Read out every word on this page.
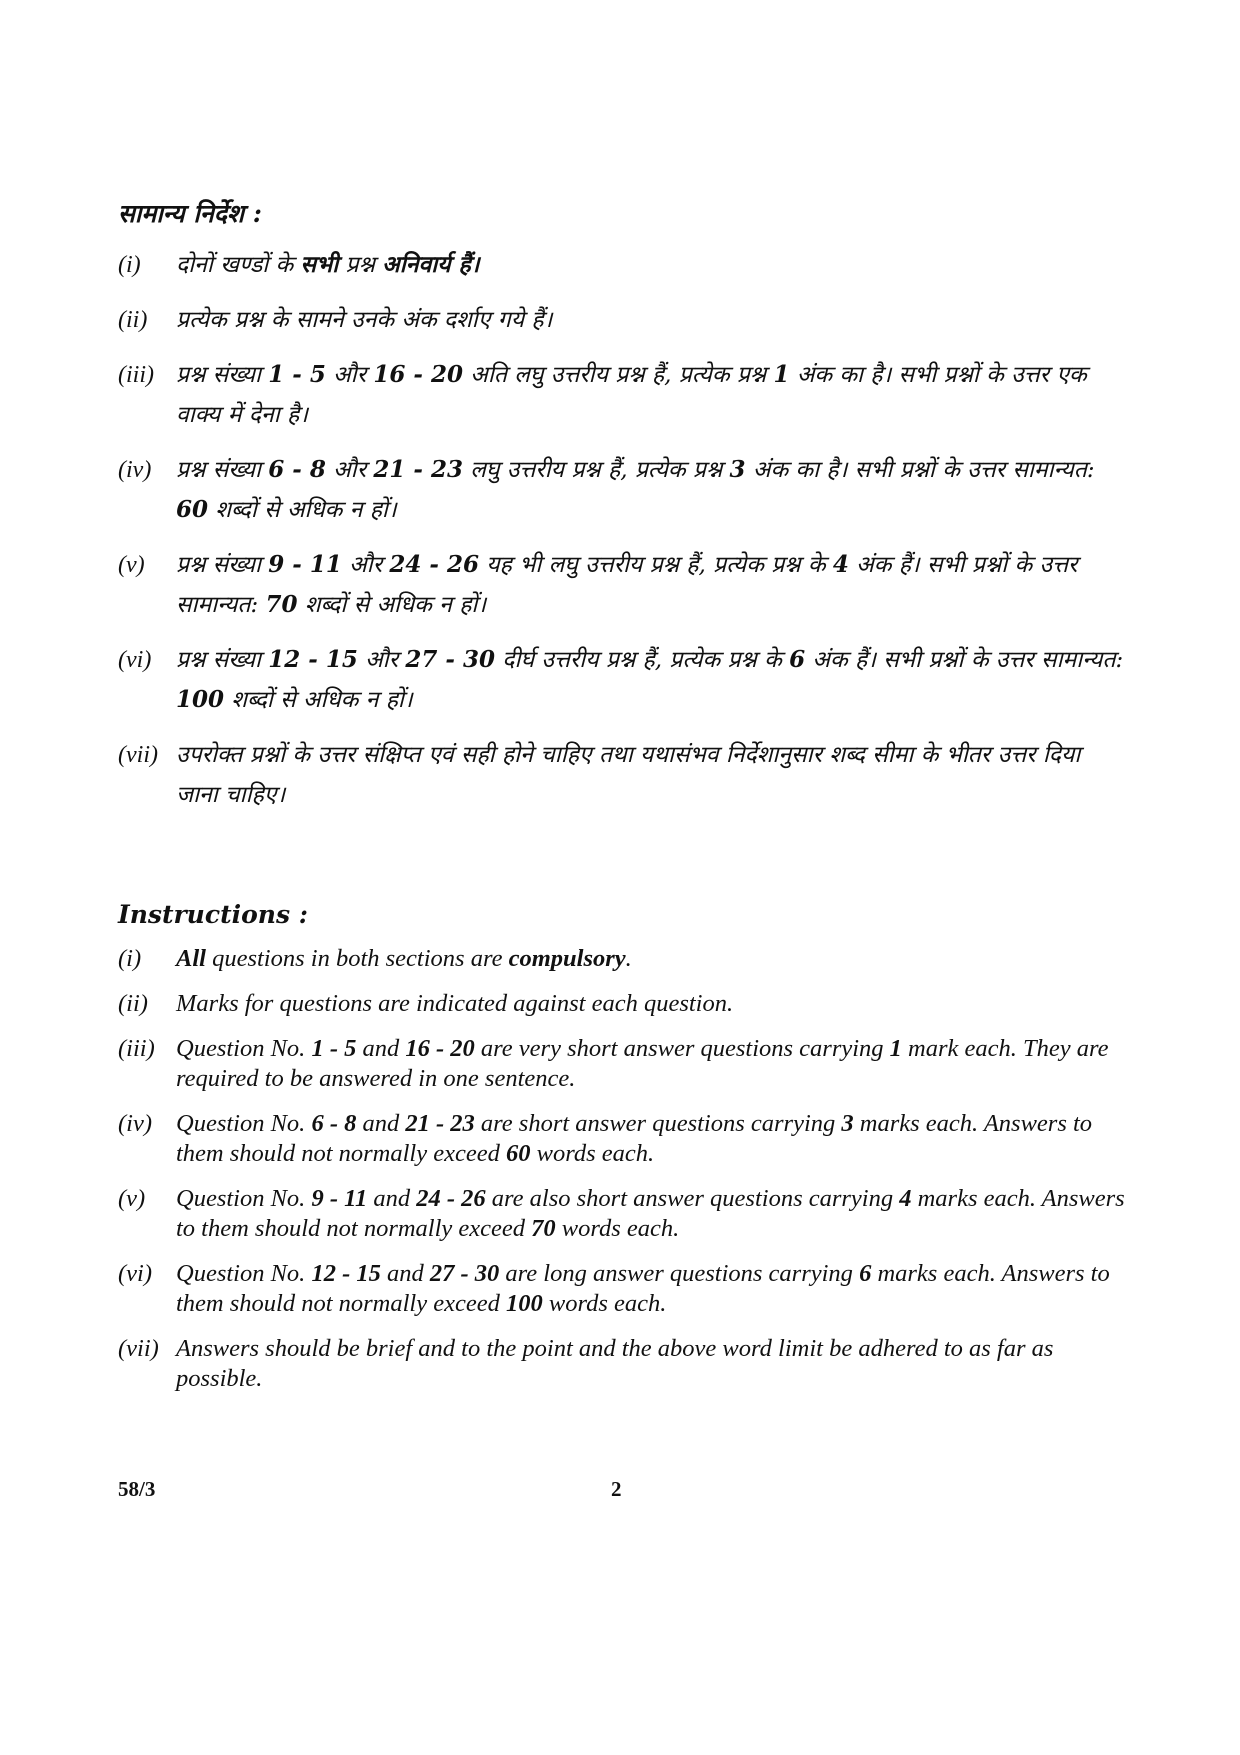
सामान्य निर्देश :

(i) दोनों खण्डों के सभी प्रश्न अनिवार्य हैं।
(ii) प्रत्येक प्रश्न के सामने उनके अंक दर्शाए गये हैं।
(iii) प्रश्न संख्या 1 - 5 और 16 - 20 अति लघु उत्तरीय प्रश्न हैं, प्रत्येक प्रश्न 1 अंक का है। सभी प्रश्नों के उत्तर एक वाक्य में देना है।
(iv) प्रश्न संख्या 6 - 8 और 21 - 23 लघु उत्तरीय प्रश्न हैं, प्रत्येक प्रश्न 3 अंक का है। सभी प्रश्नों के उत्तर सामान्यत: 60 शब्दों से अधिक न हों।
(v) प्रश्न संख्या 9 - 11 और 24 - 26 यह भी लघु उत्तरीय प्रश्न हैं, प्रत्येक प्रश्न के 4 अंक हैं। सभी प्रश्नों के उत्तर सामान्यत: 70 शब्दों से अधिक न हों।
(vi) प्रश्न संख्या 12 - 15 और 27 - 30 दीर्घ उत्तरीय प्रश्न हैं, प्रत्येक प्रश्न के 6 अंक हैं। सभी प्रश्नों के उत्तर सामान्यत: 100 शब्दों से अधिक न हों।
(vii) उपरोक्त प्रश्नों के उत्तर संक्षिप्त एवं सही होने चाहिए तथा यथासंभव निर्देशानुसार शब्द सीमा के भीतर उत्तर दिया जाना चाहिए।

Instructions :

(i) All questions in both sections are compulsory.
(ii) Marks for questions are indicated against each question.
(iii) Question No. 1 - 5 and 16 - 20 are very short answer questions carrying 1 mark each. They are required to be answered in one sentence.
(iv) Question No. 6 - 8 and 21 - 23 are short answer questions carrying 3 marks each. Answers to them should not normally exceed 60 words each.
(v) Question No. 9 - 11 and 24 - 26 are also short answer questions carrying 4 marks each. Answers to them should not normally exceed 70 words each.
(vi) Question No. 12 - 15 and 27 - 30 are long answer questions carrying 6 marks each. Answers to them should not normally exceed 100 words each.
(vii) Answers should be brief and to the point and the above word limit be adhered to as far as possible.
58/3	2
